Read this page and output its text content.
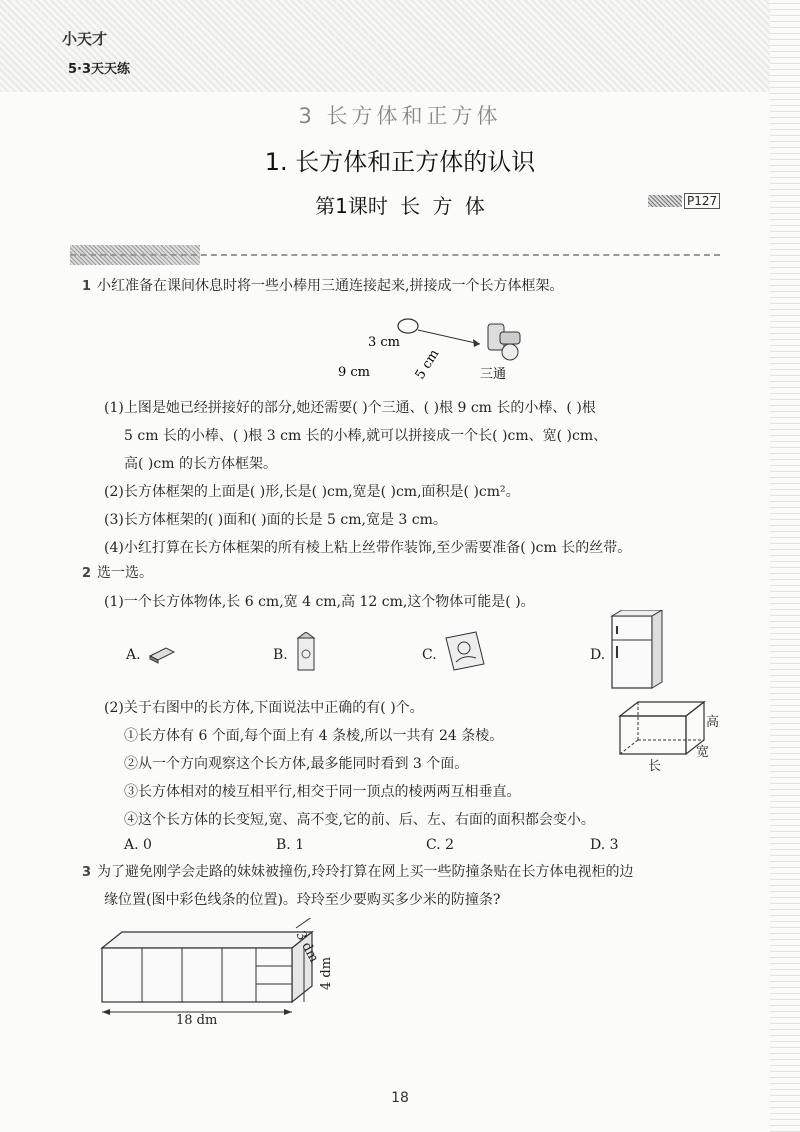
小天才
5·3天天练
3 长方体和正方体
1. 长方体和正方体的认识
第1课时 长 方 体	P127
1 小红准备在课间休息时将一些小棒用三通连接起来,拼接成一个长方体框架。
3 cm
5 cm
9 cm	三通
(1)上图是她已经拼接好的部分,她还需要( )个三通、( )根 9 cm 长的小棒、( )根
5 cm 长的小棒、( )根 3 cm 长的小棒,就可以拼接成一个长( )cm、宽( )cm、
高( )cm 的长方体框架。
(2)长方体框架的上面是( )形,长是( )cm,宽是( )cm,面积是( )cm²。
(3)长方体框架的( )面和( )面的长是 5 cm,宽是 3 cm。
(4)小红打算在长方体框架的所有棱上粘上丝带作装饰,至少需要准备( )cm 长的丝带。
2 选一选。
(1)一个长方体物体,长 6 cm,宽 4 cm,高 12 cm,这个物体可能是( )。
A.	B.	C.	D.
(2)关于右图中的长方体,下面说法中正确的有( )个。
①长方体有 6 个面,每个面上有 4 条棱,所以一共有 24 条棱。
②从一个方向观察这个长方体,最多能同时看到 3 个面。
③长方体相对的棱互相平行,相交于同一顶点的棱两两互相垂直。
④这个长方体的长变短,宽、高不变,它的前、后、左、右面的面积都会变小。
高
宽
长
A. 0	B. 1	C. 2	D. 3
3 为了避免刚学会走路的妹妹被撞伤,玲玲打算在网上买一些防撞条贴在长方体电视柜的边
缘位置(图中彩色线条的位置)。玲玲至少要购买多少米的防撞条?
18 dm
4 dm
3 dm
18
